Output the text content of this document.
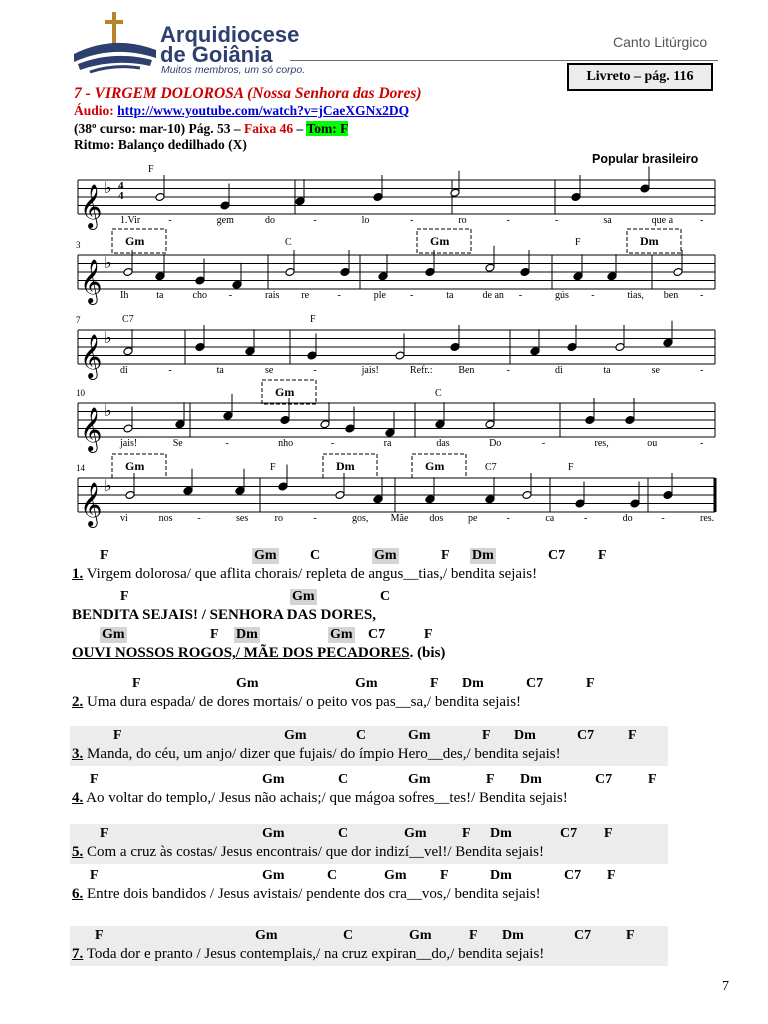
Arquidiocese
de Goiânia
Muitos membros, um só corpo.
Canto Litúrgico
Livreto – pág. 116
7 - VIRGEM DOLOROSA (Nossa Senhora das Dores)
Áudio: http://www.youtube.com/watch?v=jCaeXGNx2DQ
(38º curso: mar-10) Pág. 53 – Faixa 46 – Tom: F
Ritmo: Balanço dedilhado (X)
Popular brasileiro
𝄞 ♭ 4
4
𝄞 ♭
3
𝄞 ♭
7
𝄞 ♭
10
𝄞 ♭
14
F
Gm	C	Gm	F	Dm
C7	F
Gm	C
Gm	F	Dm	Gm	C7	F
1.Vir	-	gem	do	-	lo	-	ro	-	-	sa	que a	-
Ih	ta	cho -	rais re	-	ple -	ta	de an -	gús -	tias, ben -
di	-	ta	se	-	jais!	Refr.:	Ben	-	di	ta	se	-
jais!	Se	-	nho	-	ra	das	Do	-	res,	ou	-
vi	nos -	ses	ro	-	gos, Mãe dos pe	-	ca	-	do	-	res.
F	Gm C	Gm	F Dm	C7 F
1. Virgem dolorosa/ que aflita chorais/ repleta de angus__tias,/ bendita sejais!
F	Gm	C
BENDITA SEJAIS! / SENHORA DAS DORES,
Gm	F Dm	Gm C7	F
OUVI NOSSOS ROGOS,/ MÃE DOS PECADORES. (bis)
F	Gm	Gm	F Dm	C7	F
2. Uma dura espada/ de dores mortais/ o peito vos pas__sa,/ bendita sejais!
F	Gm	C	Gm	F Dm	C7 F
3. Manda, do céu, um anjo/ dizer que fujais/ do ímpio Hero__des,/ bendita sejais!
F	Gm	C	Gm	F Dm	C7	F
4. Ao voltar do templo,/ Jesus não achais;/ que mágoa sofres__tes!/ Bendita sejais!
F	Gm	C	Gm	F Dm	C7 F
5. Com a cruz às costas/ Jesus encontrais/ que dor indizí__vel!/ Bendita sejais!
F	Gm	C	Gm F	Dm	C7 F
6. Entre dois bandidos / Jesus avistais/ pendente dos cra__vos,/ bendita sejais!
F	Gm	C	Gm	F Dm	C7 F
7. Toda dor e pranto / Jesus contemplais,/ na cruz expiran__do,/ bendita sejais!
7
